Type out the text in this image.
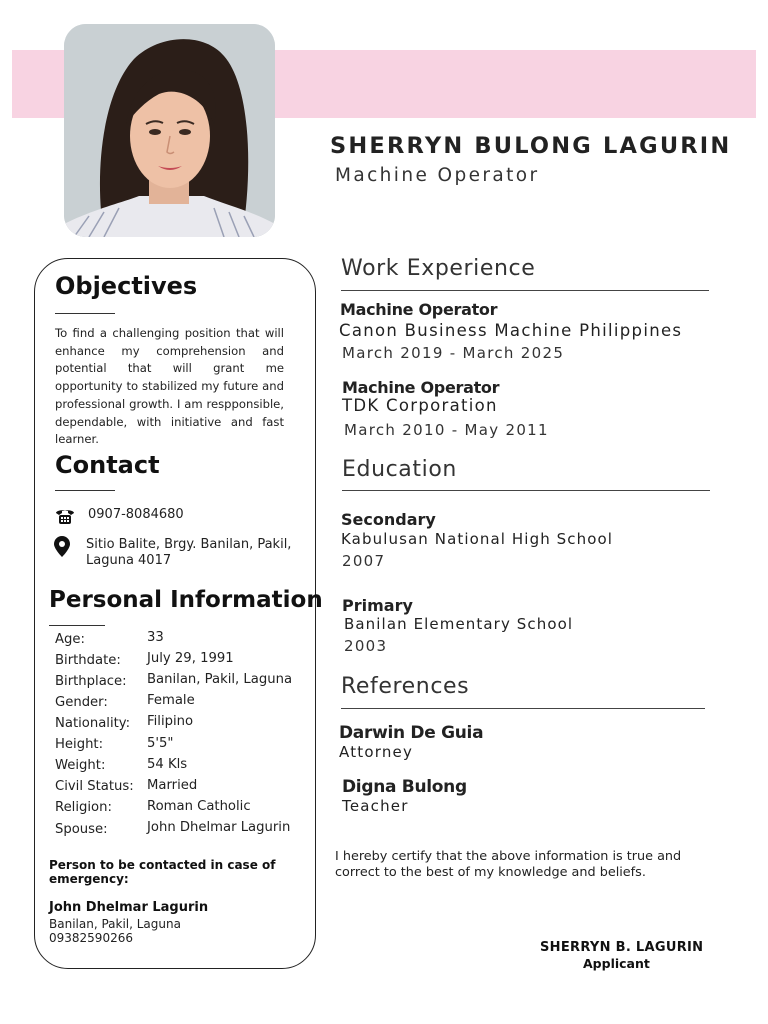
SHERRYN BULONG LAGURIN
Machine Operator
Objectives
To find a challenging position that will enhance my comprehension and potential that will grant me opportunity to stabilized my future and professional growth. I am respponsible, dependable, with initiative and fast learner.
Contact
0907-8084680
Sitio Balite, Brgy. Banilan, Pakil, Laguna 4017
Personal Information
Age:	33
Birthdate: July 29, 1991
Birthplace: Banilan, Pakil, Laguna
Gender:	Female
Nationality: Filipino
Height:	5'5"
Weight:	54 Kls
Civil Status: Married
Religion:	Roman Catholic
Spouse:	John Dhelmar Lagurin
Person to be contacted in case of emergency:
John Dhelmar Lagurin
Banilan, Pakil, Laguna
09382590266
Work Experience
Machine Operator
Canon Business Machine Philippines
March 2019 - March 2025
Machine Operator
TDK Corporation
March 2010 - May 2011
Education
Secondary
Kabulusan National High School
2007
Primary
Banilan Elementary School
2003
References
Darwin De Guia
Attorney
Digna Bulong
Teacher
I hereby certify that the above information is true and correct to the best of my knowledge and beliefs.
SHERRYN B. LAGURIN
Applicant
